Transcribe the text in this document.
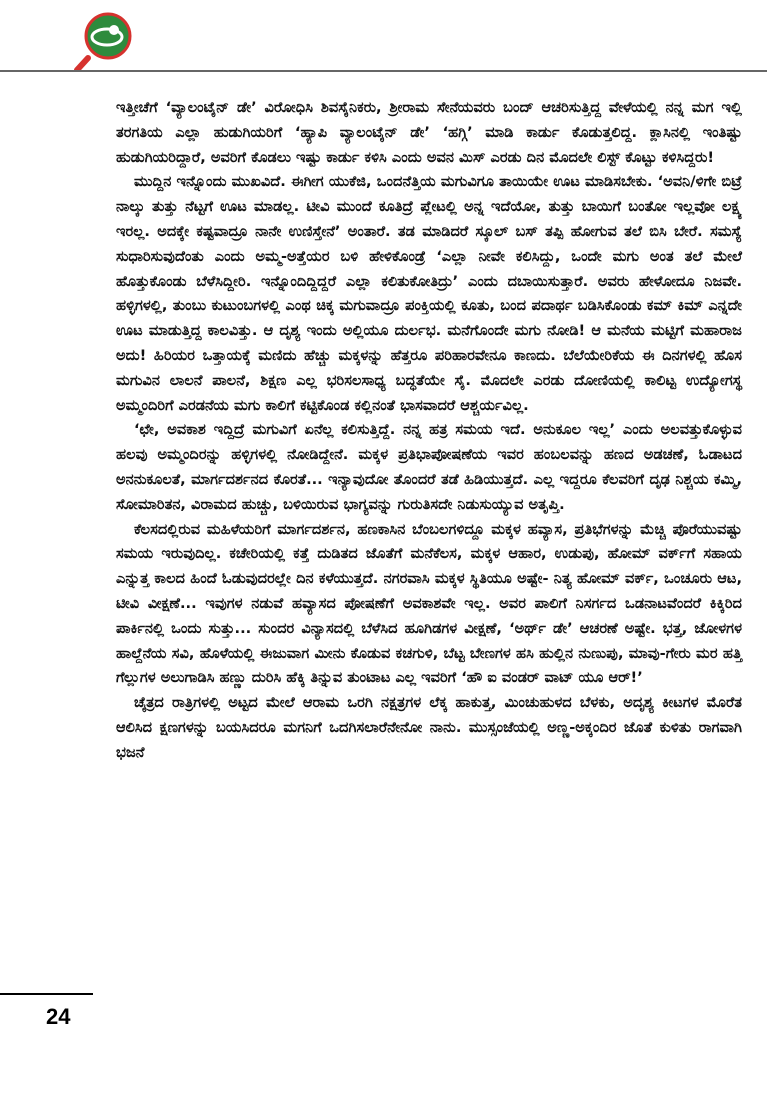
ಇತ್ತೀಚೆಗೆ ‘ವ್ಯಾಲಂಟೈನ್ ಡೇ’ ವಿರೋಧಿಸಿ ಶಿವಸೈನಿಕರು, ಶ್ರೀರಾಮ ಸೇನೆಯವರು ಬಂದ್ ಆಚರಿಸುತ್ತಿದ್ದ ವೇಳೆಯಲ್ಲಿ ನನ್ನ ಮಗ ಇಲ್ಲಿ ತರಗತಿಯ ಎಲ್ಲಾ ಹುಡುಗಿಯರಿಗೆ ‘ಹ್ಯಾಪಿ ವ್ಯಾಲಂಟೈನ್ ಡೇ’ ‘ಹಗ್ಗಿ’ ಮಾಡಿ ಕಾರ್ಡು ಕೊಡುತ್ತಲಿದ್ದ. ಕ್ಲಾಸಿನಲ್ಲಿ ಇಂತಿಷ್ಟು ಹುಡುಗಿಯರಿದ್ದಾರೆ, ಅವರಿಗೆ ಕೊಡಲು ಇಷ್ಟು ಕಾರ್ಡು ಕಳಿಸಿ ಎಂದು ಅವನ ಮಿಸ್ ಎರಡು ದಿನ ಮೊದಲೇ ಲಿಸ್ಟ್ ಕೊಟ್ಟು ಕಳಿಸಿದ್ದರು!

ಮುದ್ದಿನ ಇನ್ನೊಂದು ಮುಖವಿದೆ. ಈಗೀಗ ಯುಕೆಜಿ, ಒಂದನೆತ್ತಿಯ ಮಗುವಿಗೂ ತಾಯಿಯೇ ಊಟ ಮಾಡಿಸಬೇಕು. ‘ಅವನಿ/ಳಿಗೇ ಬಿಟ್ರೆ ನಾಲ್ಕು ತುತ್ತು ನೆಟ್ಟಗೆ ಊಟ ಮಾಡಲ್ಲ. ಟೀವಿ ಮುಂದೆ ಕೂತಿದ್ರೆ ಪ್ಲೇಟಲ್ಲಿ ಅನ್ನ ಇದೆಯೋ, ತುತ್ತು ಬಾಯಿಗೆ ಬಂತೋ ಇಲ್ಲವೋ ಲಕ್ಷ್ಯ ಇರಲ್ಲ. ಅದಕ್ಕೇ ಕಷ್ಟವಾದ್ರೂ ನಾನೇ ಉಣಿಸ್ತೇನೆ’ ಅಂತಾರೆ. ತಡ ಮಾಡಿದರೆ ಸ್ಕೂಲ್ ಬಸ್ ತಪ್ಪಿ ಹೋಗುವ ತಲೆ ಬಿಸಿ ಬೇರೆ. ಸಮಸ್ಯೆ ಸುಧಾರಿಸುವುದೆಂತು ಎಂದು ಅಮ್ಮ-ಅತ್ತೆಯರ ಬಳಿ ಹೇಳಿಕೊಂಡ್ರೆ ‘ಎಲ್ಲಾ ನೀವೇ ಕಲಿಸಿದ್ದು, ಒಂದೇ ಮಗು ಅಂತ ತಲೆ ಮೇಲೆ ಹೊತ್ತುಕೊಂಡು ಬೆಳೆಸಿದ್ದೀರಿ. ಇನ್ನೊಂದಿದ್ದಿದ್ದರೆ ಎಲ್ಲಾ ಕಲಿತುಕೋತಿದ್ರು’ ಎಂದು ದಬಾಯಿಸುತ್ತಾರೆ. ಅವರು ಹೇಳೋದೂ ನಿಜವೇ. ಹಳ್ಳಿಗಳಲ್ಲಿ, ತುಂಬು ಕುಟುಂಬಗಳಲ್ಲಿ ಎಂಥ ಚಿಕ್ಕ ಮಗುವಾದ್ರೂ ಪಂಕ್ತಿಯಲ್ಲಿ ಕೂತು, ಬಂದ ಪದಾರ್ಥ ಬಡಿಸಿಕೊಂಡು ಕಮ್ ಕಿಮ್ ಎನ್ನದೇ ಊಟ ಮಾಡುತ್ತಿದ್ದ ಕಾಲವಿತ್ತು. ಆ ದೃಶ್ಯ ಇಂದು ಅಲ್ಲಿಯೂ ದುರ್ಲಭ. ಮನೆಗೊಂದೇ ಮಗು ನೋಡಿ! ಆ ಮನೆಯ ಮಟ್ಟಿಗೆ ಮಹಾರಾಜ ಅದು! ಹಿರಿಯರ ಒತ್ತಾಯಕ್ಕೆ ಮಣಿದು ಹೆಚ್ಚು ಮಕ್ಕಳನ್ನು ಹೆತ್ತರೂ ಪರಿಹಾರವೇನೂ ಕಾಣದು. ಬೆಲೆಯೇರಿಕೆಯ ಈ ದಿನಗಳಲ್ಲಿ ಹೊಸ ಮಗುವಿನ ಲಾಲನೆ ಪಾಲನೆ, ಶಿಕ್ಷಣ ಎಲ್ಲ ಭರಿಸಲಸಾಧ್ಯ ಬದ್ಧತೆಯೇ ಸೈ. ಮೊದಲೇ ಎರಡು ದೋಣಿಯಲ್ಲಿ ಕಾಲಿಟ್ಟ ಉದ್ಯೋಗಸ್ಥ ಅಮ್ಮಂದಿರಿಗೆ ಎರಡನೆಯ ಮಗು ಕಾಲಿಗೆ ಕಟ್ಟಿಕೊಂಡ ಕಲ್ಲಿನಂತೆ ಭಾಸವಾದರೆ ಆಶ್ಚರ್ಯವಿಲ್ಲ.

‘ಛೇ, ಅವಕಾಶ ಇದ್ದಿದ್ರೆ ಮಗುವಿಗೆ ಏನೆಲ್ಲ ಕಲಿಸುತ್ತಿದ್ದೆ. ನನ್ನ ಹತ್ರ ಸಮಯ ಇದೆ. ಅನುಕೂಲ ಇಲ್ಲ’ ಎಂದು ಅಲವತ್ತುಕೊಳ್ಳುವ ಹಲವು ಅಮ್ಮಂದಿರನ್ನು ಹಳ್ಳಿಗಳಲ್ಲಿ ನೋಡಿದ್ದೇನೆ. ಮಕ್ಕಳ ಪ್ರತಿಭಾಪೋಷಣೆಯ ಇವರ ಹಂಬಲವನ್ನು ಹಣದ ಅಡಚಣೆ, ಓಡಾಟದ ಅನನುಕೂಲತೆ, ಮಾರ್ಗದರ್ಶನದ ಕೊರತೆ... ಇನ್ಯಾವುದೋ ತೊಂದರೆ ತಡೆ ಹಿಡಿಯುತ್ತದೆ. ಎಲ್ಲ ಇದ್ದರೂ ಕೆಲವರಿಗೆ ದೃಢ ನಿಶ್ಚಯ ಕಮ್ಮಿ, ಸೋಮಾರಿತನ, ವಿರಾಮದ ಹುಚ್ಚು, ಬಳಿಯಿರುವ ಭಾಗ್ಯವನ್ನು ಗುರುತಿಸದೇ ನಿಡುಸುಯ್ಯುವ ಅತೃಪ್ತಿ.

ಕೆಲಸದಲ್ಲಿರುವ ಮಹಿಳೆಯರಿಗೆ ಮಾರ್ಗದರ್ಶನ, ಹಣಕಾಸಿನ ಬೆಂಬಲಗಳಿದ್ದೂ ಮಕ್ಕಳ ಹವ್ಯಾಸ, ಪ್ರತಿಭೆಗಳನ್ನು ಮೆಚ್ಚಿ ಪೊರೆಯುವಷ್ಟು ಸಮಯ ಇರುವುದಿಲ್ಲ. ಕಚೇರಿಯಲ್ಲಿ ಕತ್ತೆ ದುಡಿತದ ಜೊತೆಗೆ ಮನೆಕೆಲಸ, ಮಕ್ಕಳ ಆಹಾರ, ಉಡುಪು, ಹೋಮ್ ವರ್ಕ್‌ಗೆ ಸಹಾಯ ಎನ್ನುತ್ತ ಕಾಲದ ಹಿಂದೆ ಓಡುವುದರಲ್ಲೇ ದಿನ ಕಳೆಯುತ್ತದೆ. ನಗರವಾಸಿ ಮಕ್ಕಳ ಸ್ಥಿತಿಯೂ ಅಷ್ಟೇ- ನಿತ್ಯ ಹೋಮ್ ವರ್ಕ್, ಒಂಚೂರು ಆಟ, ಟೀವಿ ವೀಕ್ಷಣೆ... ಇವುಗಳ ನಡುವೆ ಹವ್ಯಾಸದ ಪೋಷಣೆಗೆ ಅವಕಾಶವೇ ಇಲ್ಲ. ಅವರ ಪಾಲಿಗೆ ನಿಸರ್ಗದ ಒಡನಾಟವೆಂದರೆ ಕಿಕ್ಕಿರಿದ ಪಾರ್ಕಿನಲ್ಲಿ ಒಂದು ಸುತ್ತು... ಸುಂದರ ವಿನ್ಯಾಸದಲ್ಲಿ ಬೆಳೆಸಿದ ಹೂಗಿಡಗಳ ವೀಕ್ಷಣೆ, ‘ಅರ್ಥ್ ಡೇ’ ಆಚರಣೆ ಅಷ್ಟೇ. ಭತ್ತ, ಜೋಳಗಳ ಹಾಲ್ದೆನೆಯ ಸವಿ, ಹೊಳೆಯಲ್ಲಿ ಈಜುವಾಗ ಮೀನು ಕೊಡುವ ಕಚಗುಳಿ, ಬೆಟ್ಟ ಬೇಣಗಳ ಹಸಿ ಹುಲ್ಲಿನ ನುಣುಪು, ಮಾವು-ಗೇರು ಮರ ಹತ್ತಿ ಗೆಲ್ಲುಗಳ ಅಲುಗಾಡಿಸಿ ಹಣ್ಣು ದುರಿಸಿ ಹೆಕ್ಕಿ ತಿನ್ನುವ ತುಂಟಾಟ ಎಲ್ಲ ಇವರಿಗೆ ‘ಹೌ ಐ ವಂಡರ್ ವಾಟ್ ಯೂ ಆರ್!’

ಚೈತ್ರದ ರಾತ್ರಿಗಳಲ್ಲಿ ಅಟ್ಟದ ಮೇಲೆ ಆರಾಮ ಒರಗಿ ನಕ್ಷತ್ರಗಳ ಲೆಕ್ಕ ಹಾಕುತ್ತ, ಮಿಂಚುಹುಳದ ಬೆಳಕು, ಅದೃಶ್ಯ ಕೀಟಗಳ ಮೊರೆತ ಆಲಿಸಿದ ಕ್ಷಣಗಳನ್ನು ಬಯಸಿದರೂ ಮಗನಿಗೆ ಒದಗಿಸಲಾರೆನೇನೋ ನಾನು. ಮುಸ್ಸಂಜೆಯಲ್ಲಿ ಅಣ್ಣ-ಅಕ್ಕಂದಿರ ಜೊತೆ ಕುಳಿತು ರಾಗವಾಗಿ ಭಜನೆ

24
